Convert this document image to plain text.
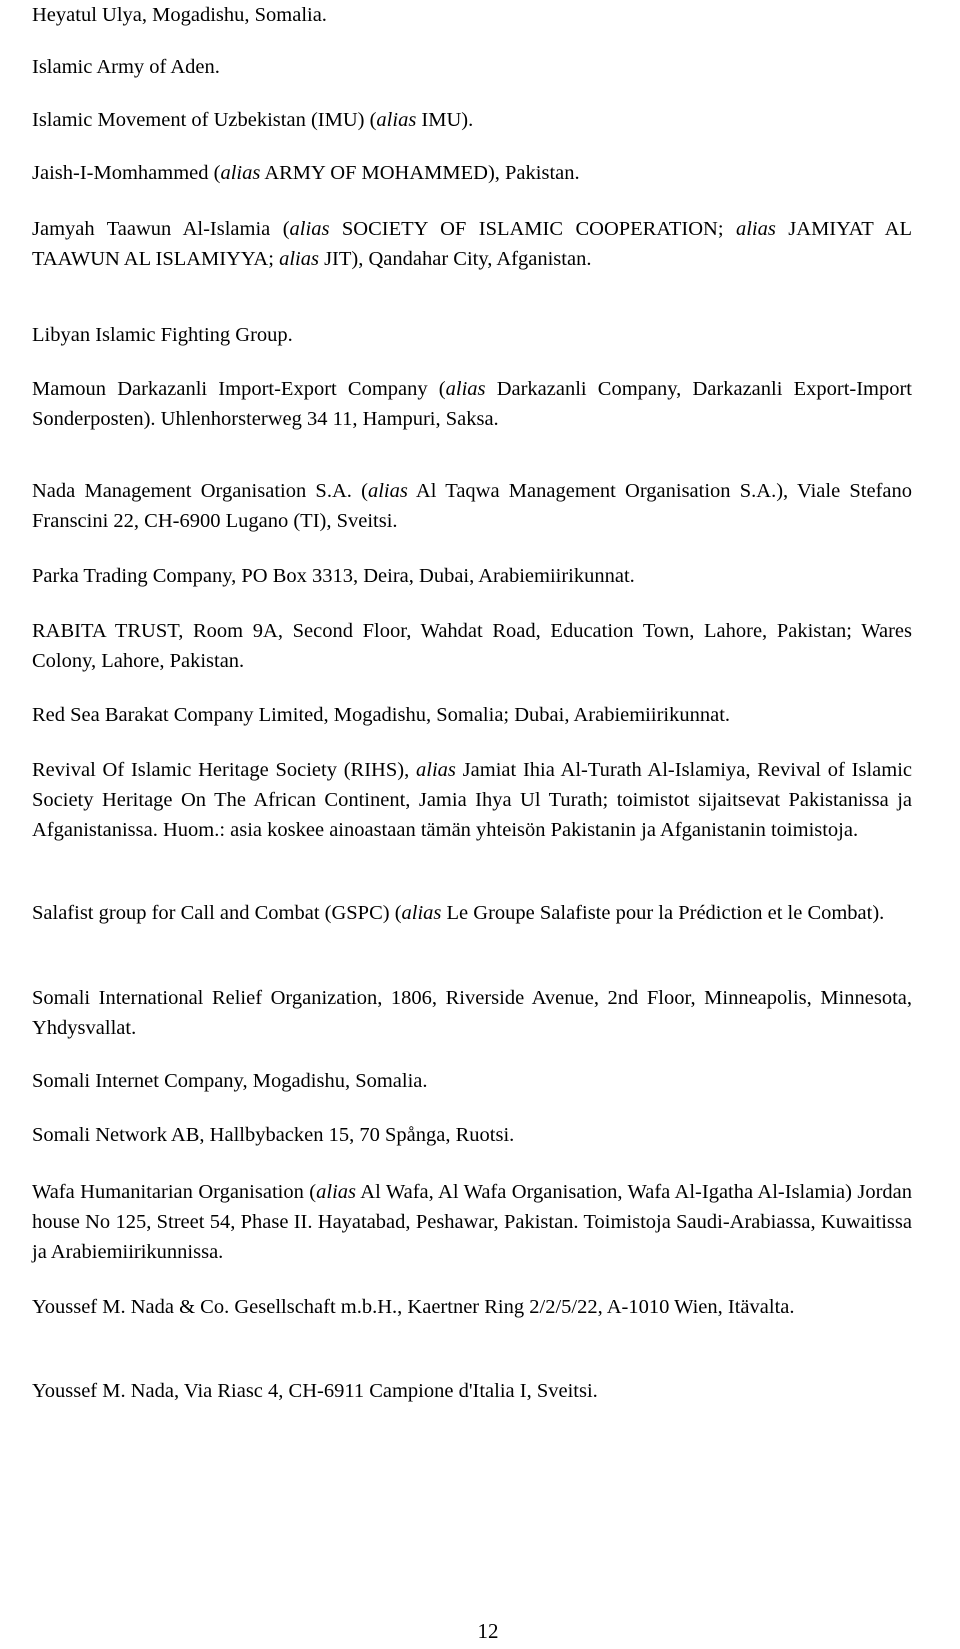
Heyatul Ulya, Mogadishu, Somalia.

Islamic Army of Aden.

Islamic Movement of Uzbekistan (IMU) (alias IMU).

Jaish-I-Momhammed (alias ARMY OF MOHAMMED), Pakistan.

Jamyah Taawun Al-Islamia (alias SOCIETY OF ISLAMIC COOPERATION; alias JAMIYAT AL TAAWUN AL ISLAMIYYA; alias JIT), Qandahar City, Afganistan.

Libyan Islamic Fighting Group.

Mamoun Darkazanli Import-Export Company (alias Darkazanli Company, Darkazanli Export-Import Sonderposten). Uhlenhorsterweg 34 11, Hampuri, Saksa.

Nada Management Organisation S.A. (alias Al Taqwa Management Organisation S.A.), Viale Stefano Franscini 22, CH-6900 Lugano (TI), Sveitsi.

Parka Trading Company, PO Box 3313, Deira, Dubai, Arabiemiirikunnat.

RABITA TRUST, Room 9A, Second Floor, Wahdat Road, Education Town, Lahore, Pakistan; Wares Colony, Lahore, Pakistan.

Red Sea Barakat Company Limited, Mogadishu, Somalia; Dubai, Arabiemiirikunnat.

Revival Of Islamic Heritage Society (RIHS), alias Jamiat Ihia Al-Turath Al-Islamiya, Revival of Islamic Society Heritage On The African Continent, Jamia Ihya Ul Turath; toimistot sijaitsevat Pakistanissa ja Afganistanissa. Huom.: asia koskee ainoastaan tämän yhteisön Pakistanin ja Afganistanin toimistoja.

Salafist group for Call and Combat (GSPC) (alias Le Groupe Salafiste pour la Prédiction et le Combat).

Somali International Relief Organization, 1806, Riverside Avenue, 2nd Floor, Minneapolis, Minnesota, Yhdysvallat.

Somali Internet Company, Mogadishu, Somalia.

Somali Network AB, Hallbybacken 15, 70 Spånga, Ruotsi.

Wafa Humanitarian Organisation (alias Al Wafa, Al Wafa Organisation, Wafa Al-Igatha Al-Islamia) Jordan house No 125, Street 54, Phase II. Hayatabad, Peshawar, Pakistan. Toimistoja Saudi-Arabiassa, Kuwaitissa ja Arabiemiirikunnissa.

Youssef M. Nada & Co. Gesellschaft m.b.H., Kaertner Ring 2/2/5/22, A-1010 Wien, Itävalta.

Youssef M. Nada, Via Riasc 4, CH-6911 Campione d'Italia I, Sveitsi.

12
